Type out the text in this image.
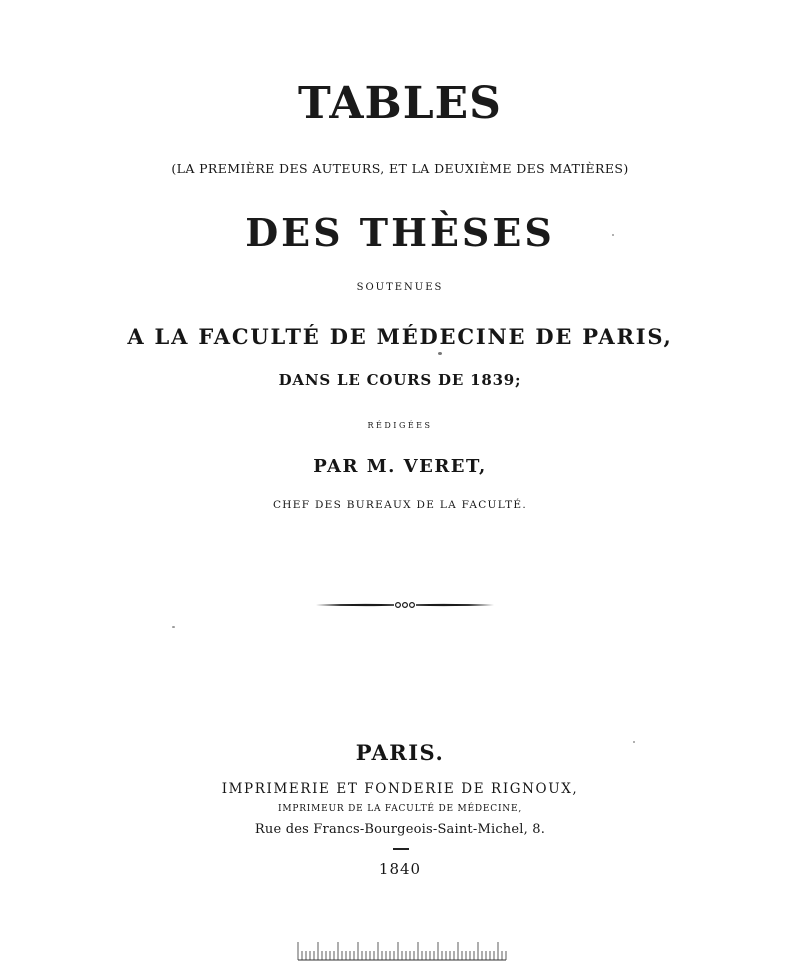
TABLES
(LA PREMIÈRE DES AUTEURS, ET LA DEUXIÈME DES MATIÈRES)
DES THÈSES
SOUTENUES
A LA FACULTÉ DE MÉDECINE DE PARIS,
DANS LE COURS DE 1839;
RÉDIGÉES
PAR M. VERET,
CHEF DES BUREAUX DE LA FACULTÉ.
PARIS.
IMPRIMERIE ET FONDERIE DE RIGNOUX,
IMPRIMEUR DE LA FACULTÉ DE MÉDECINE,
Rue des Francs-Bourgeois-Saint-Michel, 8.
1840
